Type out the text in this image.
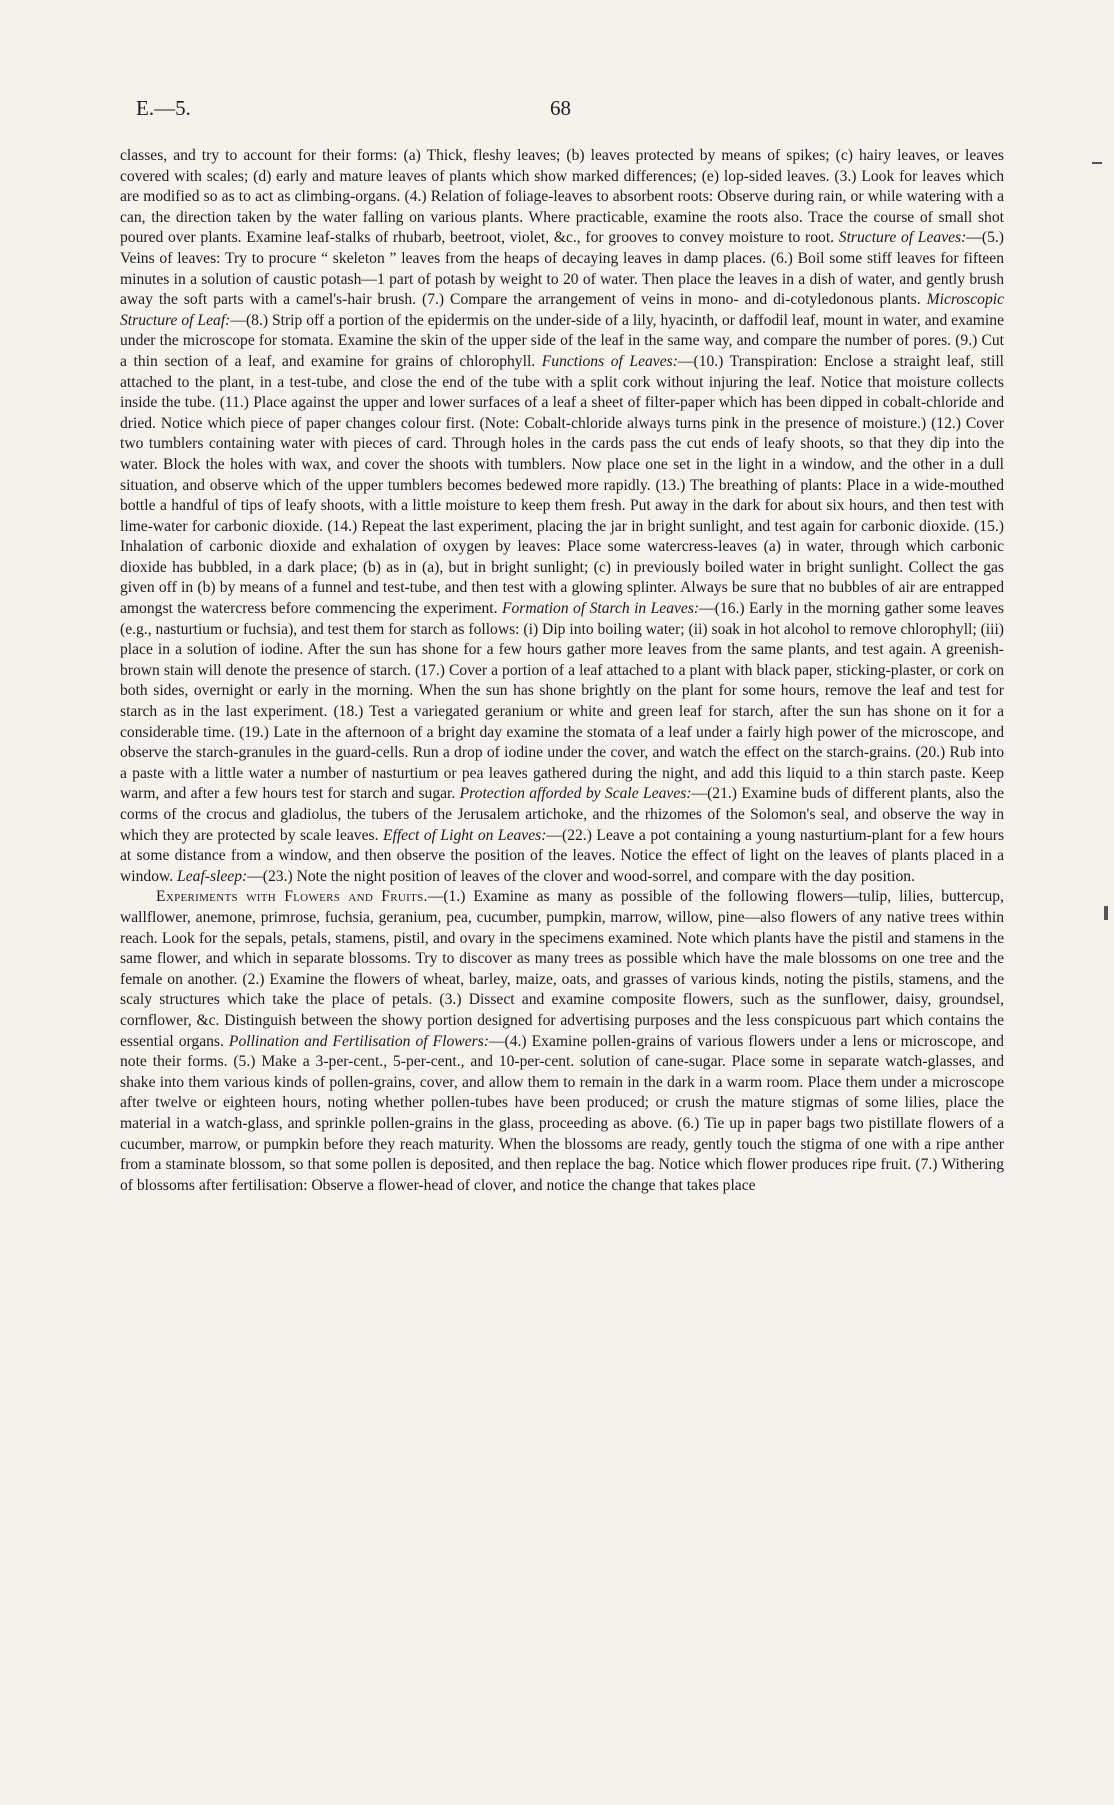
E.—5.	68

classes, and try to account for their forms: (a) Thick, fleshy leaves; (b) leaves protected by means of spikes; (c) hairy leaves, or leaves covered with scales; (d) early and mature leaves of plants which show marked differences; (e) lop-sided leaves. (3.) Look for leaves which are modified so as to act as climbing-organs. (4.) Relation of foliage-leaves to absorbent roots: Observe during rain, or while watering with a can, the direction taken by the water falling on various plants. Where practicable, examine the roots also. Trace the course of small shot poured over plants. Examine leaf-stalks of rhubarb, beetroot, violet, &c., for grooves to convey moisture to root. Structure of Leaves:—(5.) Veins of leaves: Try to procure “ skeleton ” leaves from the heaps of decaying leaves in damp places. (6.) Boil some stiff leaves for fifteen minutes in a solution of caustic potash—1 part of potash by weight to 20 of water. Then place the leaves in a dish of water, and gently brush away the soft parts with a camel's-hair brush. (7.) Compare the arrangement of veins in mono- and di-cotyledonous plants. Microscopic Structure of Leaf:—(8.) Strip off a portion of the epidermis on the under-side of a lily, hyacinth, or daffodil leaf, mount in water, and examine under the microscope for stomata. Examine the skin of the upper side of the leaf in the same way, and compare the number of pores. (9.) Cut a thin section of a leaf, and examine for grains of chlorophyll. Functions of Leaves:—(10.) Transpiration: Enclose a straight leaf, still attached to the plant, in a test-tube, and close the end of the tube with a split cork without injuring the leaf. Notice that moisture collects inside the tube. (11.) Place against the upper and lower surfaces of a leaf a sheet of filter-paper which has been dipped in cobalt-chloride and dried. Notice which piece of paper changes colour first. (Note: Cobalt-chloride always turns pink in the presence of moisture.) (12.) Cover two tumblers containing water with pieces of card. Through holes in the cards pass the cut ends of leafy shoots, so that they dip into the water. Block the holes with wax, and cover the shoots with tumblers. Now place one set in the light in a window, and the other in a dull situation, and observe which of the upper tumblers becomes bedewed more rapidly. (13.) The breathing of plants: Place in a wide-mouthed bottle a handful of tips of leafy shoots, with a little moisture to keep them fresh. Put away in the dark for about six hours, and then test with lime-water for carbonic dioxide. (14.) Repeat the last experiment, placing the jar in bright sunlight, and test again for carbonic dioxide. (15.) Inhalation of carbonic dioxide and exhalation of oxygen by leaves: Place some watercress-leaves (a) in water, through which carbonic dioxide has bubbled, in a dark place; (b) as in (a), but in bright sunlight; (c) in previously boiled water in bright sunlight. Collect the gas given off in (b) by means of a funnel and test-tube, and then test with a glowing splinter. Always be sure that no bubbles of air are entrapped amongst the watercress before commencing the experiment. Formation of Starch in Leaves:—(16.) Early in the morning gather some leaves (e.g., nasturtium or fuchsia), and test them for starch as follows: (i) Dip into boiling water; (ii) soak in hot alcohol to remove chlorophyll; (iii) place in a solution of iodine. After the sun has shone for a few hours gather more leaves from the same plants, and test again. A greenish-brown stain will denote the presence of starch. (17.) Cover a portion of a leaf attached to a plant with black paper, sticking-plaster, or cork on both sides, overnight or early in the morning. When the sun has shone brightly on the plant for some hours, remove the leaf and test for starch as in the last experiment. (18.) Test a variegated geranium or white and green leaf for starch, after the sun has shone on it for a considerable time. (19.) Late in the afternoon of a bright day examine the stomata of a leaf under a fairly high power of the microscope, and observe the starch-granules in the guard-cells. Run a drop of iodine under the cover, and watch the effect on the starch-grains. (20.) Rub into a paste with a little water a number of nasturtium or pea leaves gathered during the night, and add this liquid to a thin starch paste. Keep warm, and after a few hours test for starch and sugar. Protection afforded by Scale Leaves:—(21.) Examine buds of different plants, also the corms of the crocus and gladiolus, the tubers of the Jerusalem artichoke, and the rhizomes of the Solomon's seal, and observe the way in which they are protected by scale leaves. Effect of Light on Leaves:—(22.) Leave a pot containing a young nasturtium-plant for a few hours at some distance from a window, and then observe the position of the leaves. Notice the effect of light on the leaves of plants placed in a window. Leaf-sleep:—(23.) Note the night position of leaves of the clover and wood-sorrel, and compare with the day position.

Experiments with Flowers and Fruits.—(1.) Examine as many as possible of the following flowers—tulip, lilies, buttercup, wallflower, anemone, primrose, fuchsia, geranium, pea, cucumber, pumpkin, marrow, willow, pine—also flowers of any native trees within reach. Look for the sepals, petals, stamens, pistil, and ovary in the specimens examined. Note which plants have the pistil and stamens in the same flower, and which in separate blossoms. Try to discover as many trees as possible which have the male blossoms on one tree and the female on another. (2.) Examine the flowers of wheat, barley, maize, oats, and grasses of various kinds, noting the pistils, stamens, and the scaly structures which take the place of petals. (3.) Dissect and examine composite flowers, such as the sunflower, daisy, groundsel, cornflower, &c. Distinguish between the showy portion designed for advertising purposes and the less conspicuous part which contains the essential organs. Pollination and Fertilisation of Flowers:—(4.) Examine pollen-grains of various flowers under a lens or microscope, and note their forms. (5.) Make a 3-per-cent., 5-per-cent., and 10-per-cent. solution of cane-sugar. Place some in separate watch-glasses, and shake into them various kinds of pollen-grains, cover, and allow them to remain in the dark in a warm room. Place them under a microscope after twelve or eighteen hours, noting whether pollen-tubes have been produced; or crush the mature stigmas of some lilies, place the material in a watch-glass, and sprinkle pollen-grains in the glass, proceeding as above. (6.) Tie up in paper bags two pistillate flowers of a cucumber, marrow, or pumpkin before they reach maturity. When the blossoms are ready, gently touch the stigma of one with a ripe anther from a staminate blossom, so that some pollen is deposited, and then replace the bag. Notice which flower produces ripe fruit. (7.) Withering of blossoms after fertilisation: Observe a flower-head of clover, and notice the change that takes place
